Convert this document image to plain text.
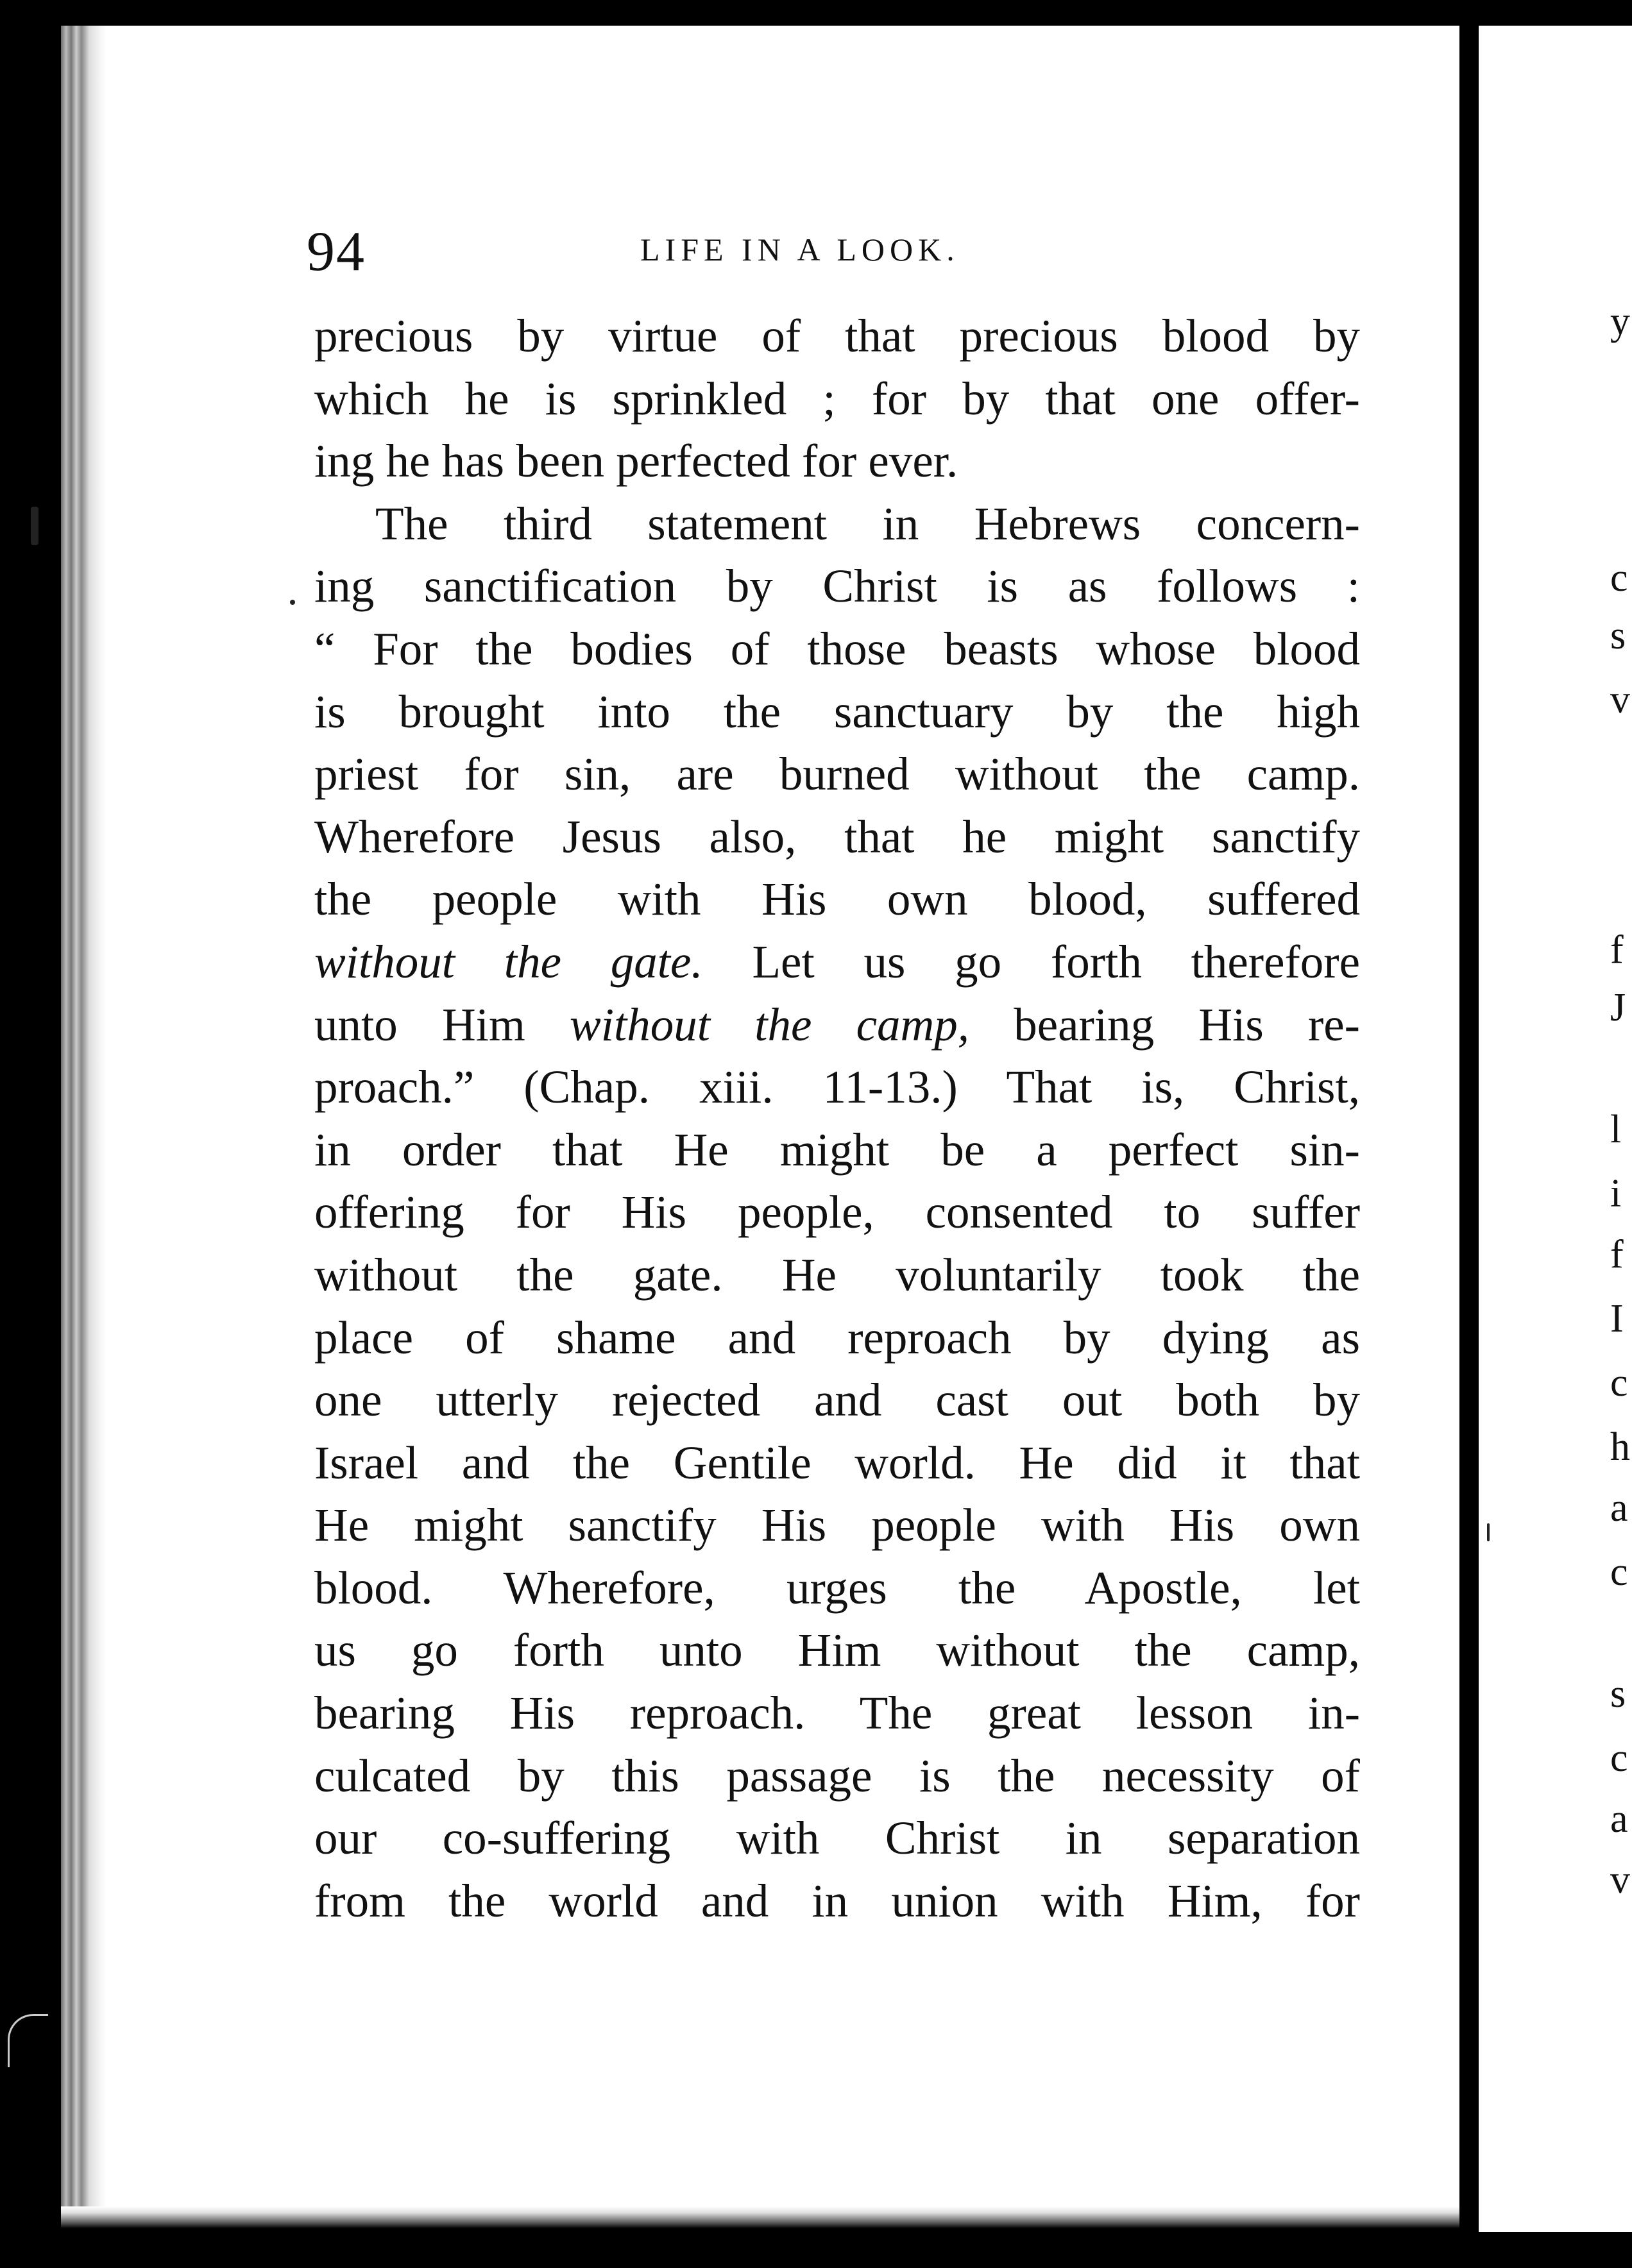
94	LIFE IN A LOOK.
precious by virtue of that precious blood by
which he is sprinkled ; for by that one offer-
ing he has been perfected for ever.
The third statement in Hebrews concern-
ing sanctification by Christ is as follows :
“ For the bodies of those beasts whose blood
is brought into the sanctuary by the high
priest for sin, are burned without the camp.
Wherefore Jesus also, that he might sanctify
the people with His own blood, suffered
without the gate. Let us go forth therefore
unto Him without the camp, bearing His re-
proach.” (Chap. xiii. 11-13.) That is, Christ,
in order that He might be a perfect sin-
offering for His people, consented to suffer
without the gate. He voluntarily took the
place of shame and reproach by dying as
one utterly rejected and cast out both by
Israel and the Gentile world. He did it that
He might sanctify His people with His own
blood. Wherefore, urges the Apostle, let
us go forth unto Him without the camp,
bearing His reproach. The great lesson in-
culcated by this passage is the necessity of
our co-suffering with Christ in separation
from the world and in union with Him, for
y
c
s
v
f
J
l
i
f
I
c
h
a
c
s
c
a
v
